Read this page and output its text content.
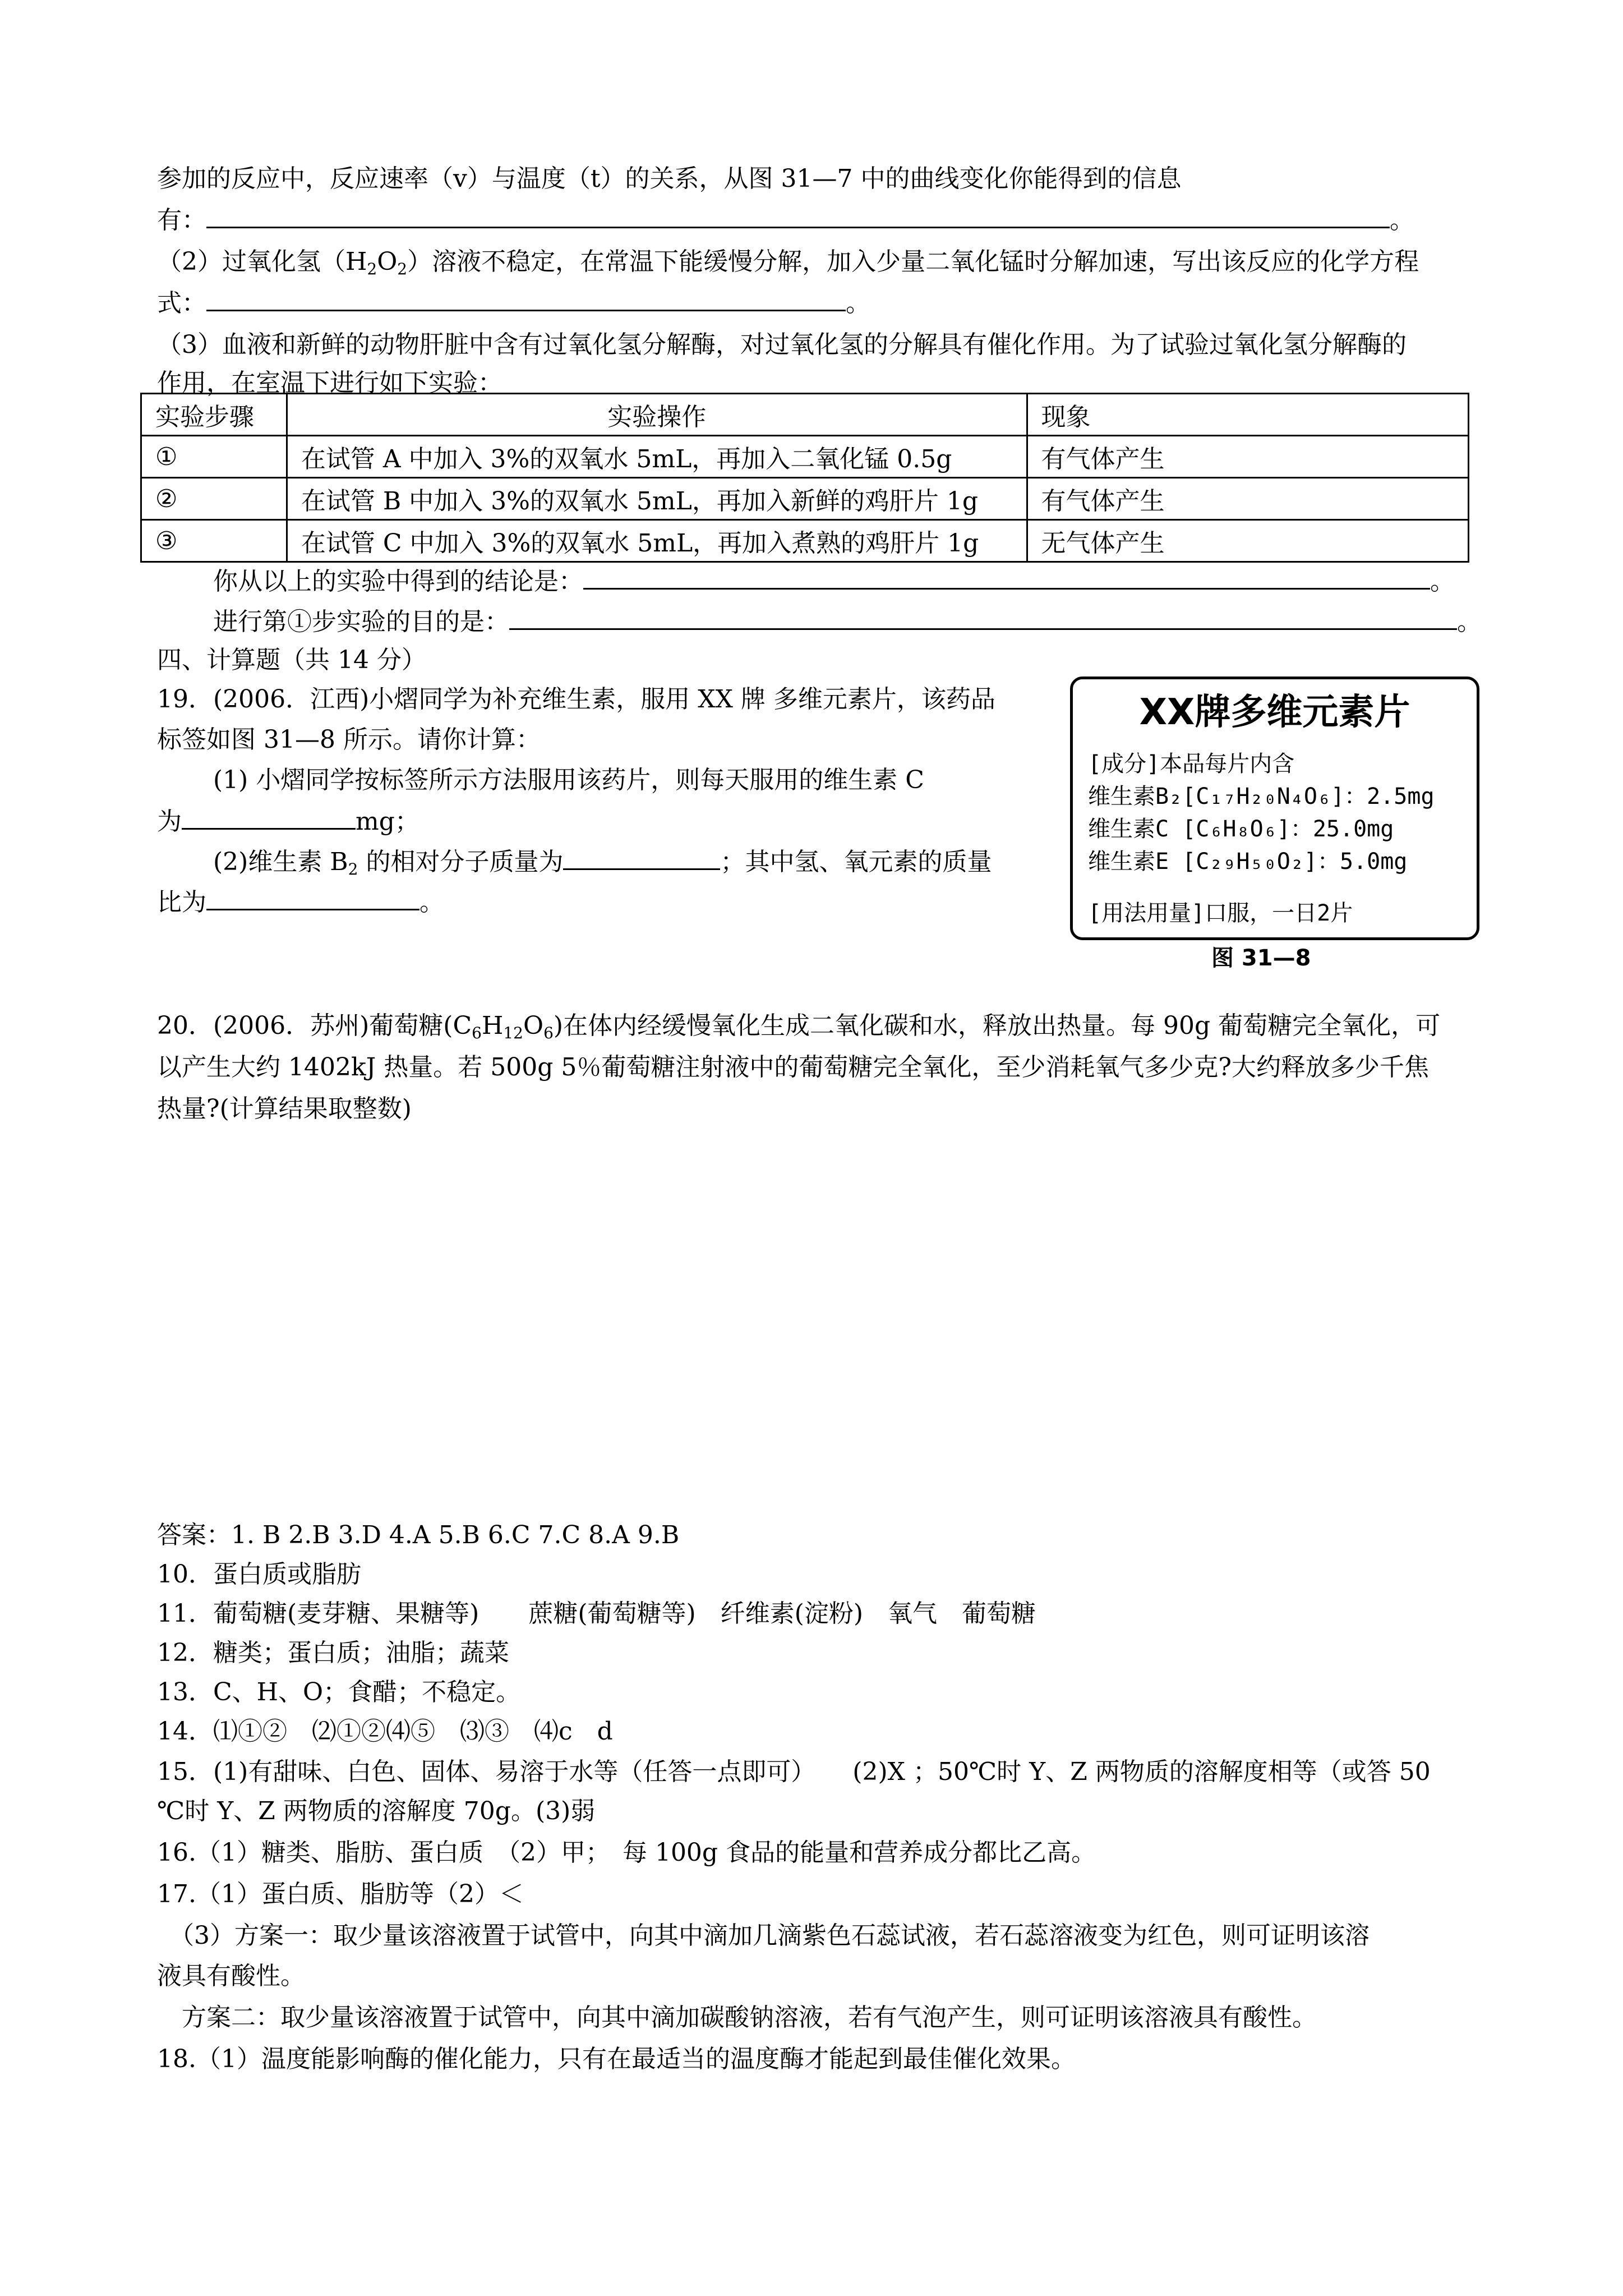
参加的反应中，反应速率（v）与温度（t）的关系，从图 31—7 中的曲线变化你能得到的信息
有：	。
（2）过氧化氢$(H_2O_2)$溶液不稳定，在常温下能缓慢分解，加入少量二氧化锰时分解加速，写出该反应的化学方程
式：	。
（3）血液和新鲜的动物肝脏中含有过氧化氢分解酶，对过氧化氢的分解具有催化作用。为了试验过氧化氢分解酶的
作用，在室温下进行如下实验：
实验步骤	实验操作	现象
①	在试管 A 中加入 3%的双氧水 5mL，再加入二氧化锰 0.5g	有气体产生
②	在试管 B 中加入 3%的双氧水 5mL，再加入新鲜的鸡肝片 1g	有气体产生
③	在试管 C 中加入 3%的双氧水 5mL，再加入煮熟的鸡肝片 1g	无气体产生
你从以上的实验中得到的结论是：	。
进行第①步实验的目的是：	。
四、计算题（共 14 分）
19．(2006．江西)小熠同学为补充维生素，服用 XX 牌 多维元素片，该药品
标签如图 31—8 所示。请你计算：
(1) 小熠同学按标签所示方法服用该药片，则每天服用的维生素 C
为	mg；
(2)维生素 $B_2$ 的相对分子质量为	；其中氢、氧元素的质量
比为	。
XX牌多维元素片
[成分]本品每片内含
维生素B₂[C₁₇H₂₀N₄O₆]：2.5mg
维生素C [C₆H₈O₆]：25.0mg
维生素E [C₂₉H₅₀O₂]：5.0mg
[用法用量]口服，一日2片
图 31—8
20．(2006．苏州)葡萄糖$(C_6H_{12}O_6)$在体内经缓慢氧化生成二氧化碳和水，释放出热量。每 90g 葡萄糖完全氧化，可
以产生大约 1402kJ 热量。若 500g 5％葡萄糖注射液中的葡萄糖完全氧化，至少消耗氧气多少克?大约释放多少千焦
热量?(计算结果取整数)
答案：1. B 2.B 3.D 4.A 5.B 6.C 7.C 8.A 9.B
10．蛋白质或脂肪
11．葡萄糖(麦芽糖、果糖等)　　蔗糖(葡萄糖等)　纤维素(淀粉)　氧气　葡萄糖
12．糖类；蛋白质；油脂；蔬菜
13．C、H、O；食醋；不稳定。
14．⑴①②　⑵①②⑷⑤　⑶③　⑷c　d
15．(1)有甜味、白色、固体、易溶于水等（任答一点即可）　　(2)X ；50℃时 Y、Z 两物质的溶解度相等（或答 50
℃时 Y、Z 两物质的溶解度 70g。(3)弱
16.（1）糖类、脂肪、蛋白质　（2）甲；　每 100g 食品的能量和营养成分都比乙高。
17.（1）蛋白质、脂肪等（2）＜
　（3）方案一：取少量该溶液置于试管中，向其中滴加几滴紫色石蕊试液，若石蕊溶液变为红色，则可证明该溶
液具有酸性。
　方案二：取少量该溶液置于试管中，向其中滴加碳酸钠溶液，若有气泡产生，则可证明该溶液具有酸性。
18.（1）温度能影响酶的催化能力，只有在最适当的温度酶才能起到最佳催化效果。
